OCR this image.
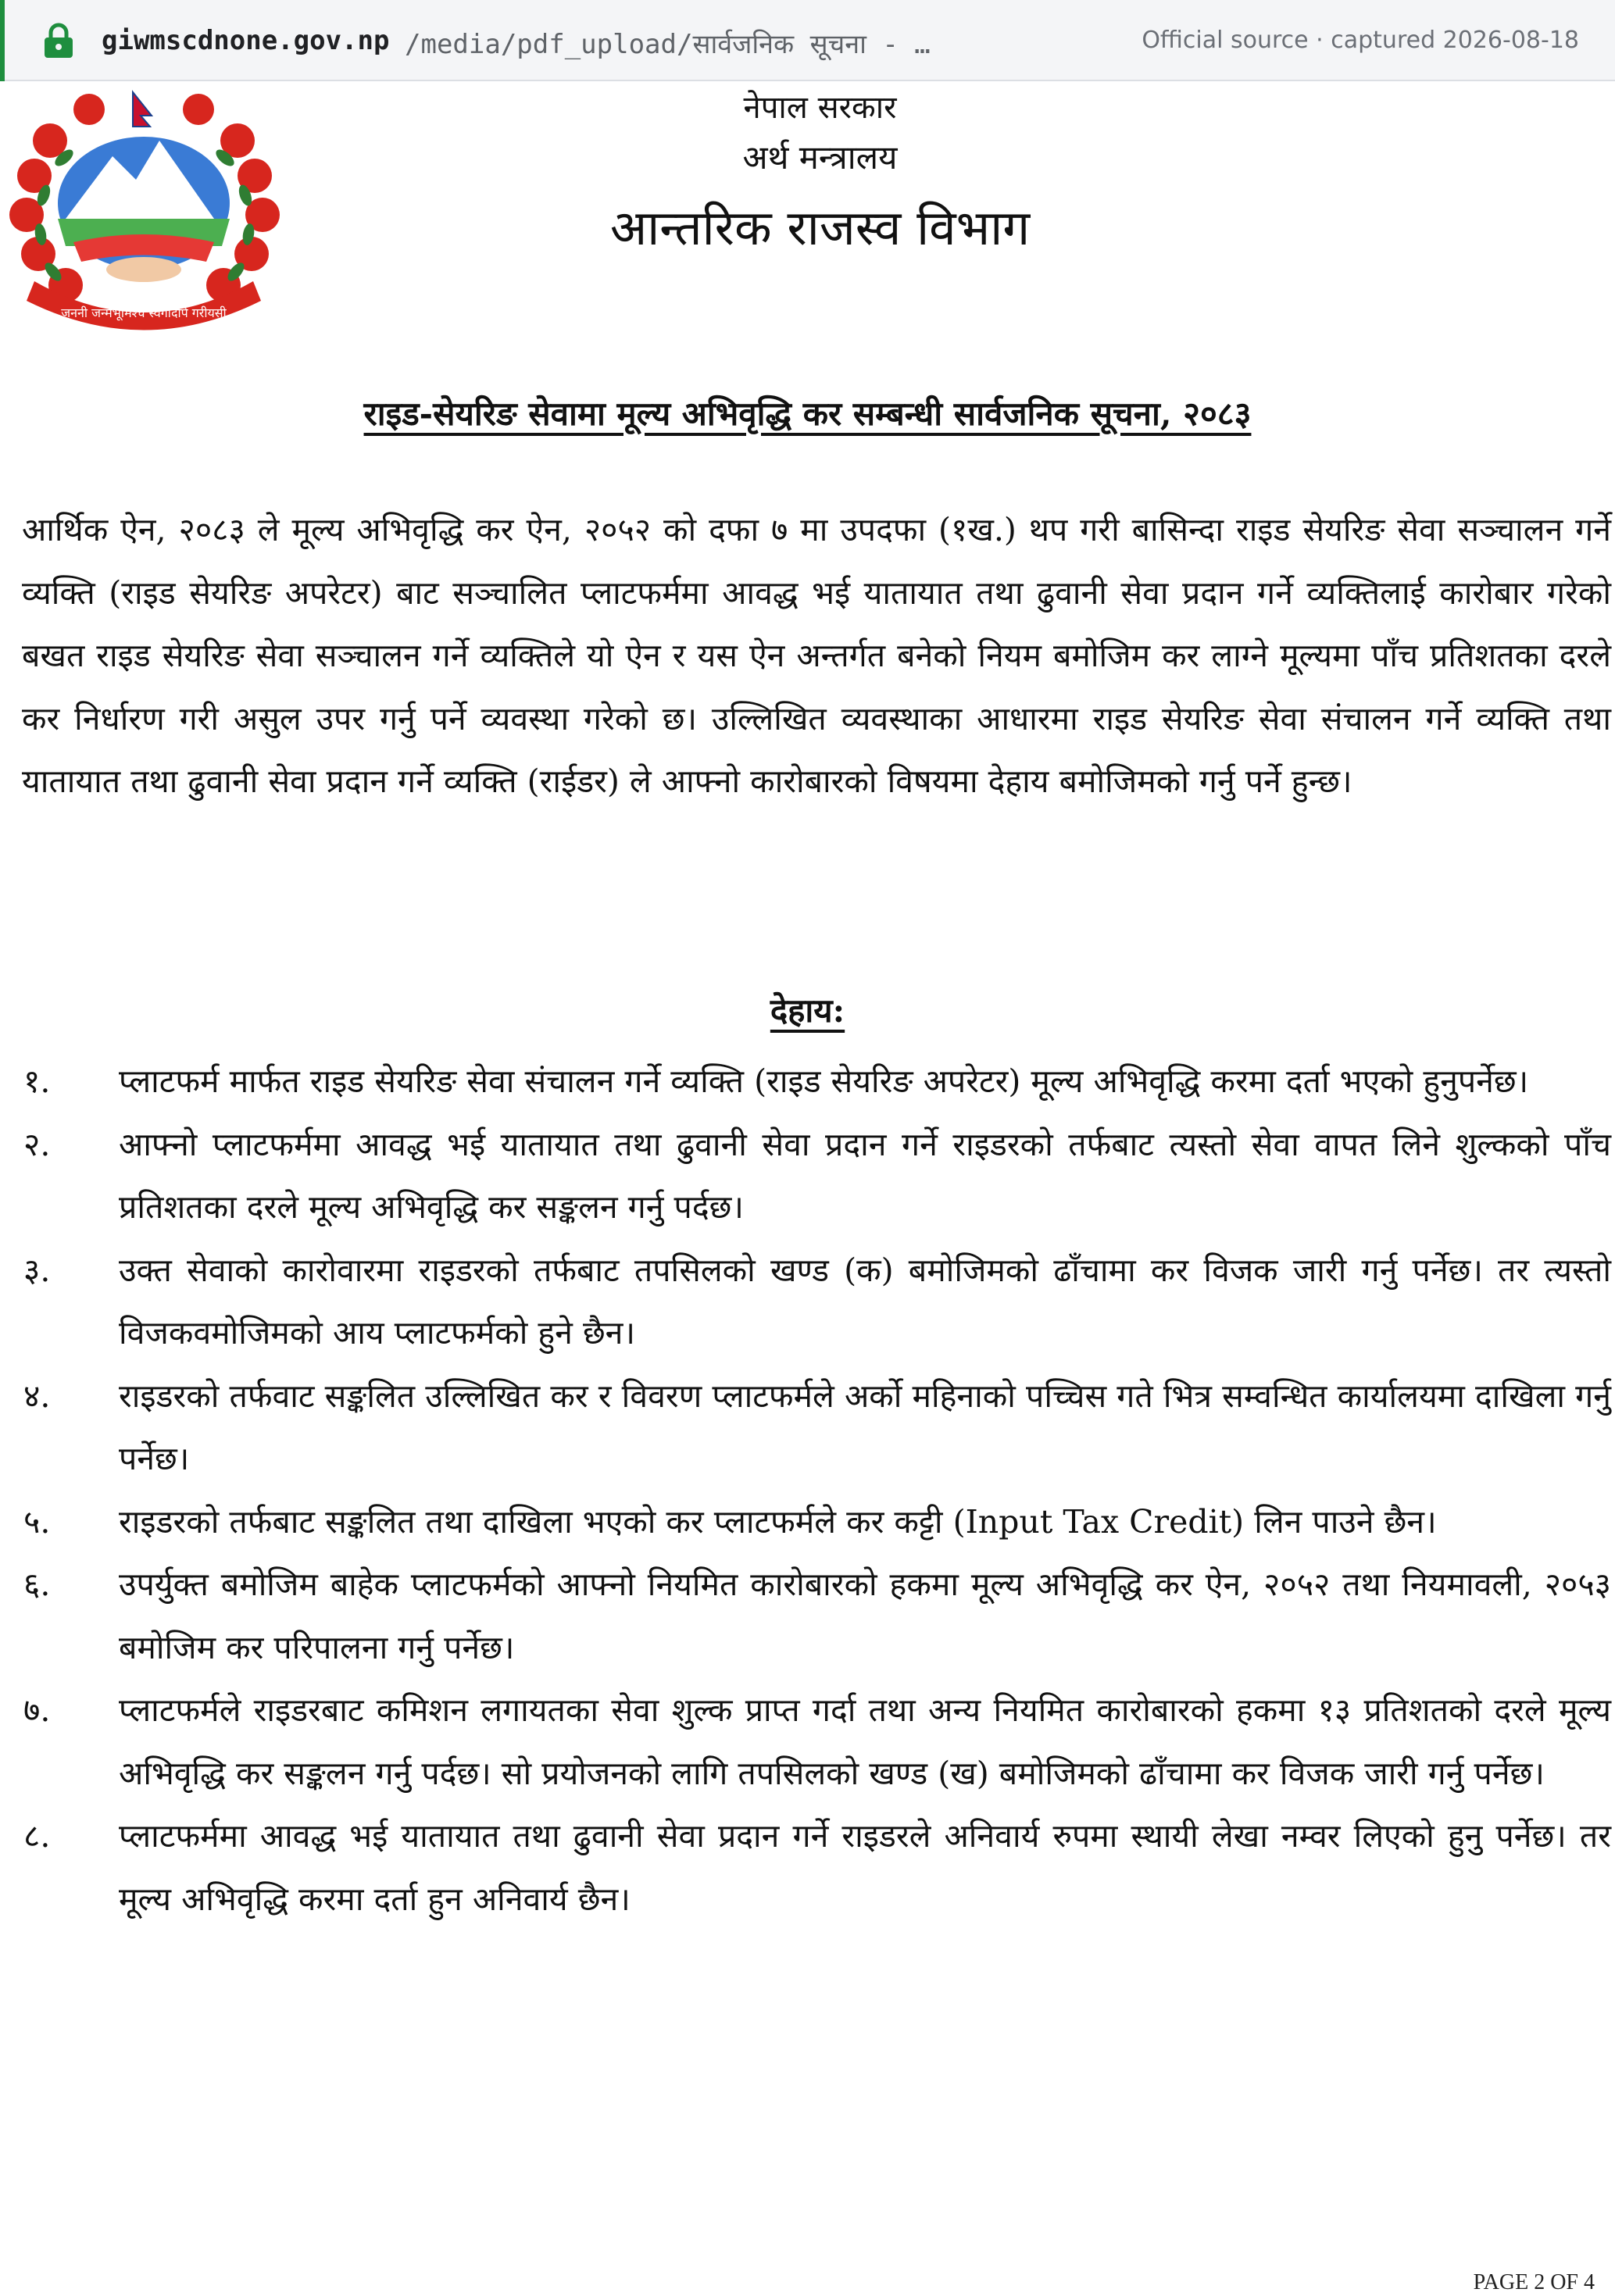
giwmscdnone.gov.np /media/pdf_upload/सार्वजनिक सूचना - …	Official source · captured 2026-08-18
जननी जन्मभूमिश्च स्वर्गादपि गरीयसी
नेपाल सरकार
अर्थ मन्त्रालय
आन्तरिक राजस्व विभाग
राइड-सेयरिङ सेवामा मूल्य अभिवृद्धि कर सम्बन्धी सार्वजनिक सूचना, २०८३

आर्थिक ऐन, २०८३ ले मूल्य अभिवृद्धि कर ऐन, २०५२ को दफा ७ मा उपदफा (१ख.) थप गरी बासिन्दा राइड सेयरिङ सेवा सञ्चालन गर्ने व्यक्ति (राइड सेयरिङ अपरेटर) बाट सञ्चालित प्लाटफर्ममा आवद्ध भई यातायात तथा ढुवानी सेवा प्रदान गर्ने व्यक्तिलाई कारोबार गरेको बखत राइड सेयरिङ सेवा सञ्चालन गर्ने व्यक्तिले यो ऐन र यस ऐन अन्तर्गत बनेको नियम बमोजिम कर लाग्ने मूल्यमा पाँच प्रतिशतका दरले कर निर्धारण गरी असुल उपर गर्नु पर्ने व्यवस्था गरेको छ। उल्लिखित व्यवस्थाका आधारमा राइड सेयरिङ सेवा संचालन गर्ने व्यक्ति तथा यातायात तथा ढुवानी सेवा प्रदान गर्ने व्यक्ति (राईडर) ले आफ्नो कारोबारको विषयमा देहाय बमोजिमको गर्नु पर्ने हुन्छ।

देहाय:
१. प्लाटफर्म मार्फत राइड सेयरिङ सेवा संचालन गर्ने व्यक्ति (राइड सेयरिङ अपरेटर) मूल्य अभिवृद्धि करमा दर्ता भएको हुनुपर्नेछ।
२. आफ्नो प्लाटफर्ममा आवद्ध भई यातायात तथा ढुवानी सेवा प्रदान गर्ने राइडरको तर्फबाट त्यस्तो सेवा वापत लिने शुल्कको पाँच प्रतिशतका दरले मूल्य अभिवृद्धि कर सङ्कलन गर्नु पर्दछ।
३. उक्त सेवाको कारोवारमा राइडरको तर्फबाट तपसिलको खण्ड (क) बमोजिमको ढाँचामा कर विजक जारी गर्नु पर्नेछ। तर त्यस्तो विजकवमोजिमको आय प्लाटफर्मको हुने छैन।
४. राइडरको तर्फवाट सङ्कलित उल्लिखित कर र विवरण प्लाटफर्मले अर्को महिनाको पच्चिस गते भित्र सम्वन्धित कार्यालयमा दाखिला गर्नु पर्नेछ।
५. राइडरको तर्फबाट सङ्कलित तथा दाखिला भएको कर प्लाटफर्मले कर कट्टी (Input Tax Credit) लिन पाउने छैन।
६. उपर्युक्त बमोजिम बाहेक प्लाटफर्मको आफ्नो नियमित कारोबारको हकमा मूल्य अभिवृद्धि कर ऐन, २०५२ तथा नियमावली, २०५३ बमोजिम कर परिपालना गर्नु पर्नेछ।
७. प्लाटफर्मले राइडरबाट कमिशन लगायतका सेवा शुल्क प्राप्त गर्दा तथा अन्य नियमित कारोबारको हकमा १३ प्रतिशतको दरले मूल्य अभिवृद्धि कर सङ्कलन गर्नु पर्दछ। सो प्रयोजनको लागि तपसिलको खण्ड (ख) बमोजिमको ढाँचामा कर विजक जारी गर्नु पर्नेछ।
८. प्लाटफर्ममा आवद्ध भई यातायात तथा ढुवानी सेवा प्रदान गर्ने राइडरले अनिवार्य रुपमा स्थायी लेखा नम्वर लिएको हुनु पर्नेछ। तर मूल्य अभिवृद्धि करमा दर्ता हुन अनिवार्य छैन।
PAGE 2 OF 4
